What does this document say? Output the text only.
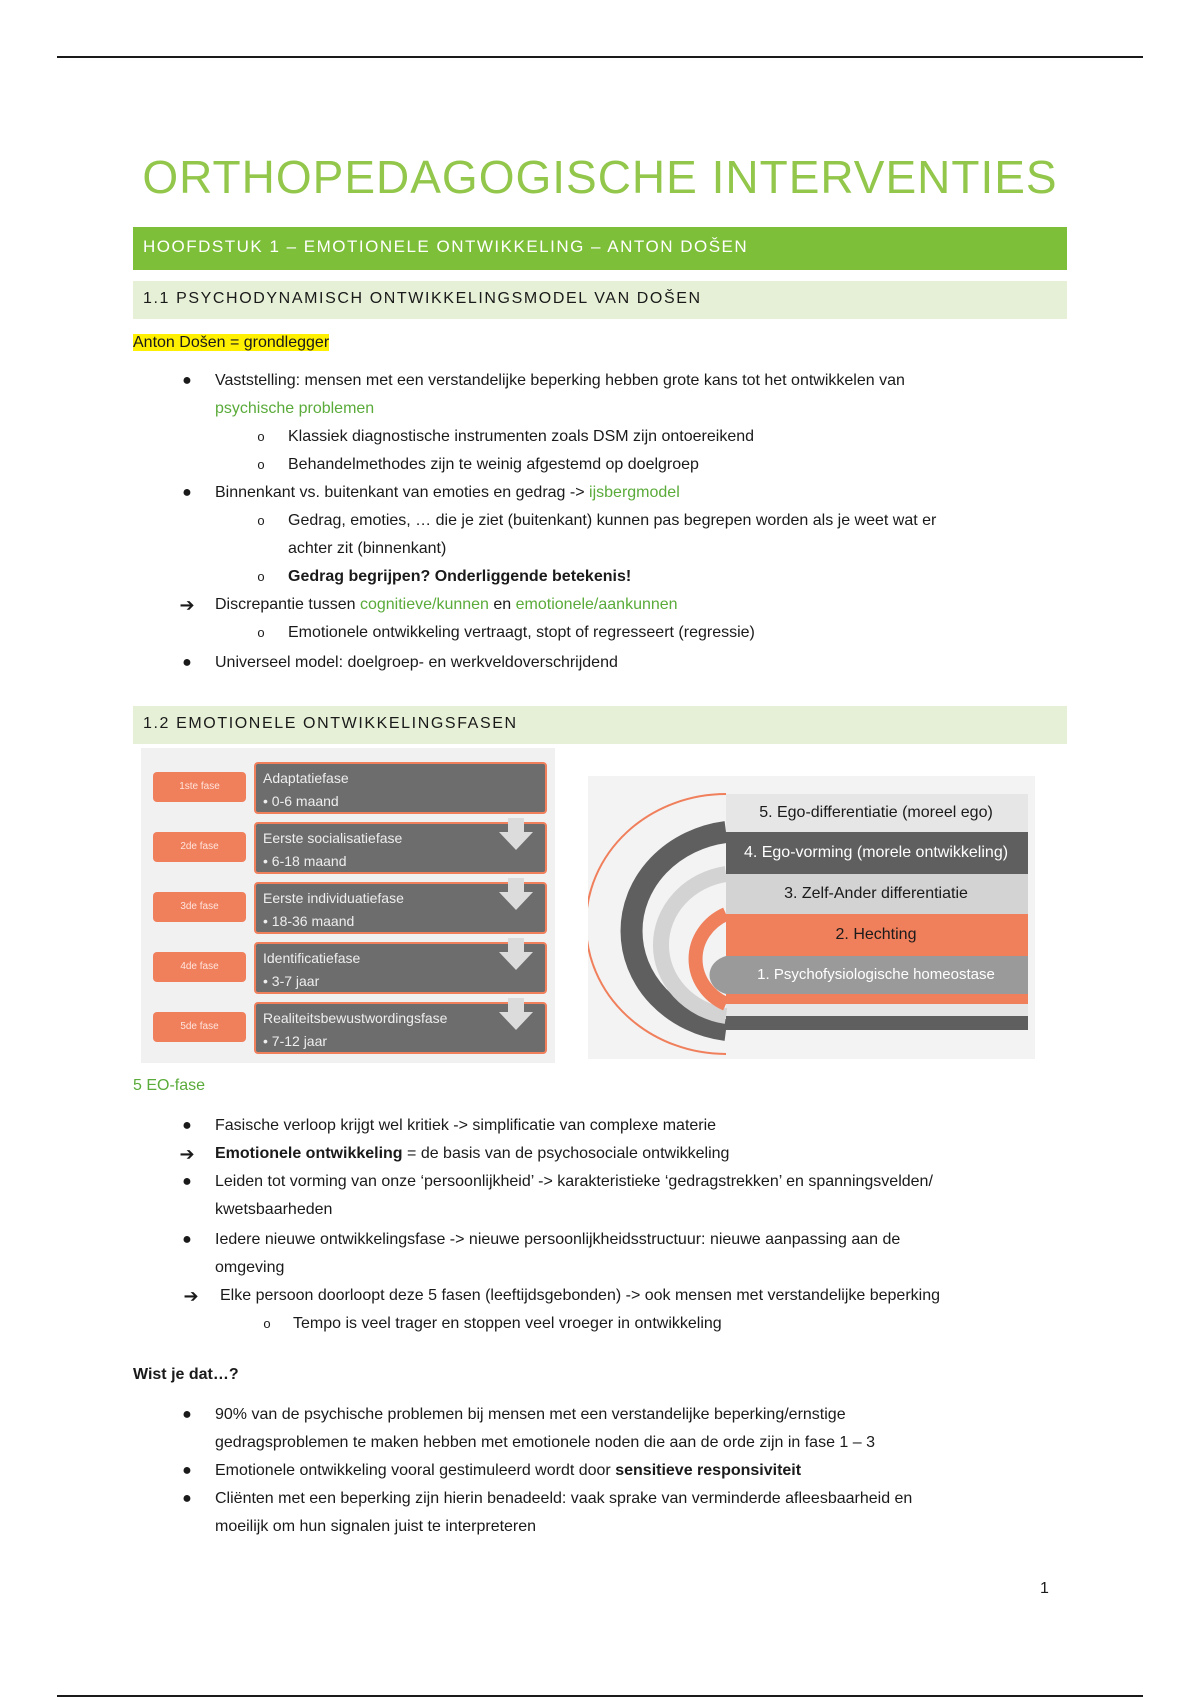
ORTHOPEDAGOGISCHE INTERVENTIES
HOOFDSTUK 1 – EMOTIONELE ONTWIKKELING – ANTON DOŠEN
1.1 PSYCHODYNAMISCH ONTWIKKELINGSMODEL VAN DOŠEN
Anton Došen = grondlegger
●	Vaststelling: mensen met een verstandelijke beperking hebben grote kans tot het ontwikkelen van
psychische problemen
o	Klassiek diagnostische instrumenten zoals DSM zijn ontoereikend
o	Behandelmethodes zijn te weinig afgestemd op doelgroep
●	Binnenkant vs. buitenkant van emoties en gedrag -> ijsbergmodel
o	Gedrag, emoties, … die je ziet (buitenkant) kunnen pas begrepen worden als je weet wat er
achter zit (binnenkant)
o	Gedrag begrijpen? Onderliggende betekenis!
➔ Discrepantie tussen cognitieve/kunnen en emotionele/aankunnen
o	Emotionele ontwikkeling vertraagt, stopt of regresseert (regressie)
●	Universeel model: doelgroep- en werkveldoverschrijdend
1.2 EMOTIONELE ONTWIKKELINGSFASEN
1ste fase
Adaptatiefase
• 0-6 maand
2de fase
Eerste socialisatiefase
• 6-18 maand
3de fase
Eerste individuatiefase
• 18-36 maand
4de fase
Identificatiefase
• 3-7 jaar
5de fase
Realiteitsbewustwordingsfase
• 7-12 jaar
5. Ego-differentiatie (moreel ego)
4. Ego-vorming (morele ontwikkeling)
3. Zelf-Ander differentiatie
2. Hechting
1. Psychofysiologische homeostase
5 EO-fase
●	Fasische verloop krijgt wel kritiek -> simplificatie van complexe materie
➔ Emotionele ontwikkeling = de basis van de psychosociale ontwikkeling
●	Leiden tot vorming van onze ‘persoonlijkheid’ -> karakteristieke ‘gedragstrekken’ en spanningsvelden/
kwetsbaarheden
●	Iedere nieuwe ontwikkelingsfase -> nieuwe persoonlijkheidsstructuur: nieuwe aanpassing aan de
omgeving
➔ Elke persoon doorloopt deze 5 fasen (leeftijdsgebonden) -> ook mensen met verstandelijke beperking
o	Tempo is veel trager en stoppen veel vroeger in ontwikkeling
Wist je dat…?
●	90% van de psychische problemen bij mensen met een verstandelijke beperking/ernstige
gedragsproblemen te maken hebben met emotionele noden die aan de orde zijn in fase 1 – 3
●	Emotionele ontwikkeling vooral gestimuleerd wordt door sensitieve responsiviteit
●	Cliënten met een beperking zijn hierin benadeeld: vaak sprake van verminderde afleesbaarheid en
moeilijk om hun signalen juist te interpreteren
1
